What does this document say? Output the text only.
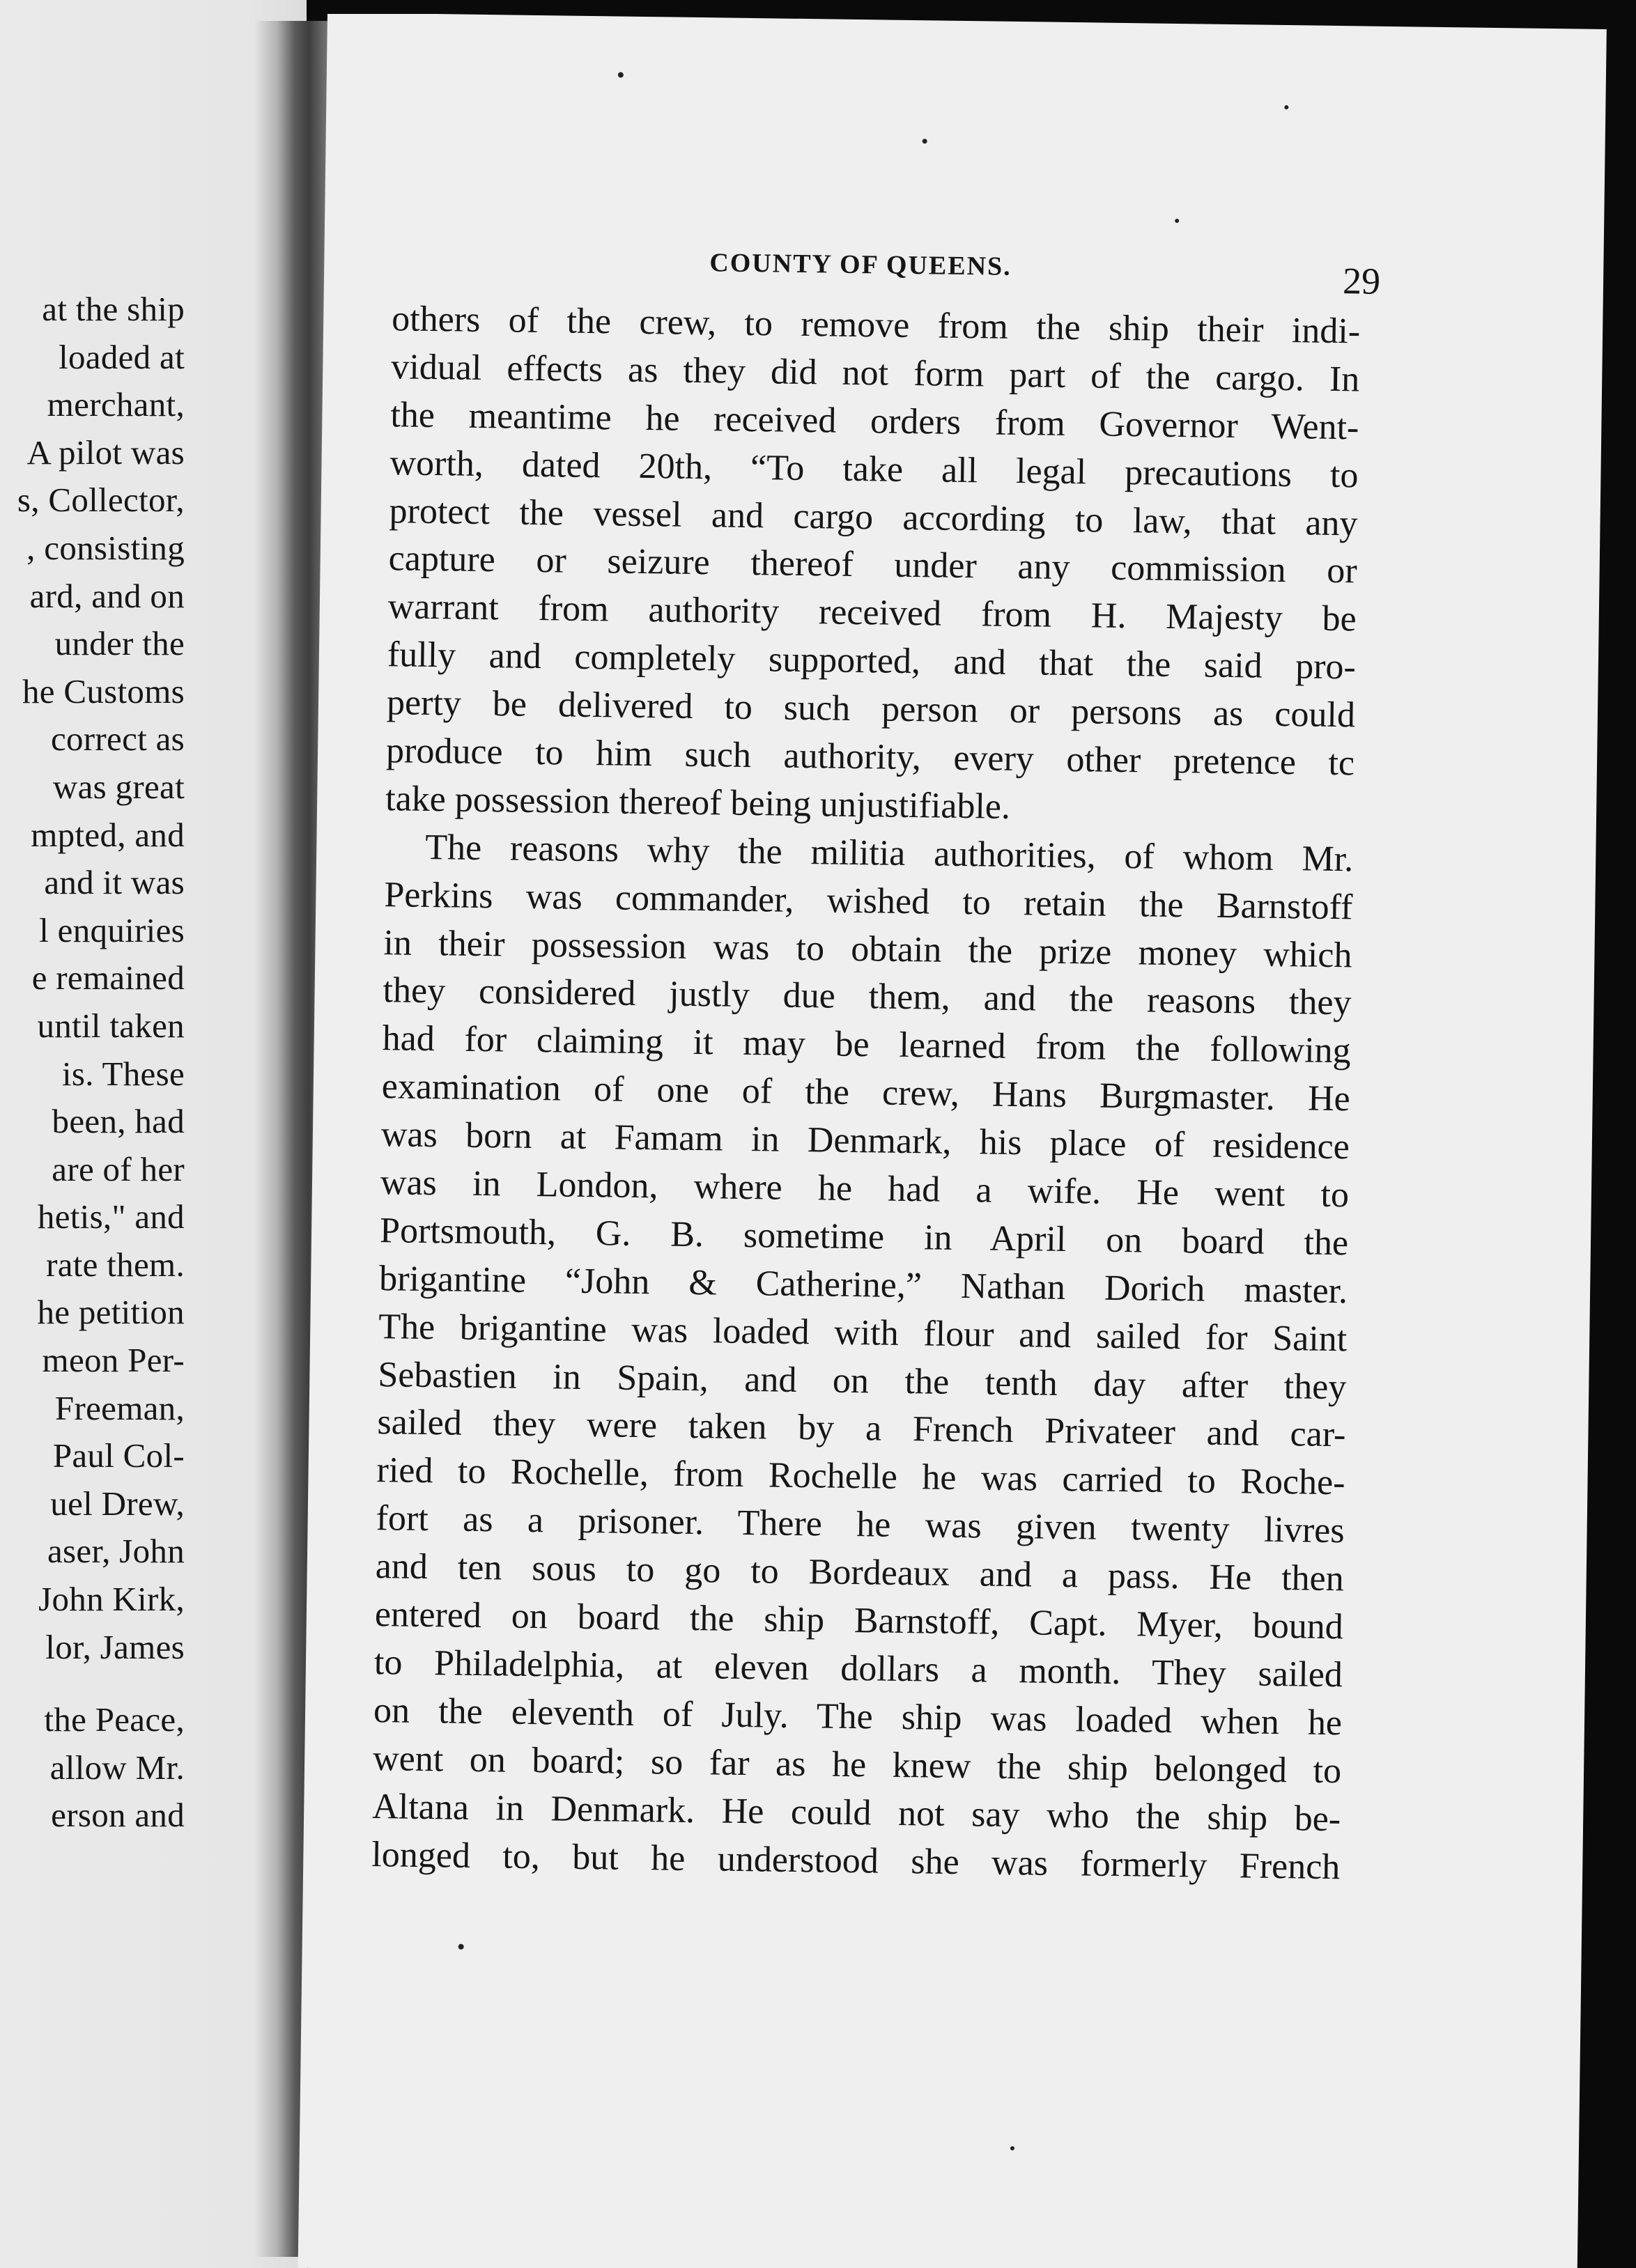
at the ship
loaded at
merchant,
A pilot was
s, Collector,
, consisting
ard, and on
under the
he Customs
correct as
was great
mpted, and
and it was
l enquiries
e remained
until taken
is. These
been, had
are of her
hetis," and
rate them.
he petition
meon Per-
Freeman,
Paul Col-
uel Drew,
aser, John
John Kirk,
lor, James
the Peace,
allow Mr.
erson and
COUNTY OF QUEENS.	29
others of the crew, to remove from the ship their indi-
vidual effects as they did not form part of the cargo. In
the meantime he received orders from Governor Went-
worth, dated 20th, “To take all legal precautions to
protect the vessel and cargo according to law, that any
capture or seizure thereof under any commission or
warrant from authority received from H. Majesty be
fully and completely supported, and that the said pro-
perty be delivered to such person or persons as could
produce to him such authority, every other pretence tc
take possession thereof being unjustifiable.
The reasons why the militia authorities, of whom Mr.
Perkins was commander, wished to retain the Barnstoff
in their possession was to obtain the prize money which
they considered justly due them, and the reasons they
had for claiming it may be learned from the following
examination of one of the crew, Hans Burgmaster. He
was born at Famam in Denmark, his place of residence
was in London, where he had a wife. He went to
Portsmouth, G. B. sometime in April on board the
brigantine “John & Catherine,” Nathan Dorich master.
The brigantine was loaded with flour and sailed for Saint
Sebastien in Spain, and on the tenth day after they
sailed they were taken by a French Privateer and car-
ried to Rochelle, from Rochelle he was carried to Roche-
fort as a prisoner. There he was given twenty livres
and ten sous to go to Bordeaux and a pass. He then
entered on board the ship Barnstoff, Capt. Myer, bound
to Philadelphia, at eleven dollars a month. They sailed
on the eleventh of July. The ship was loaded when he
went on board; so far as he knew the ship belonged to
Altana in Denmark. He could not say who the ship be-
longed to, but he understood she was formerly French
